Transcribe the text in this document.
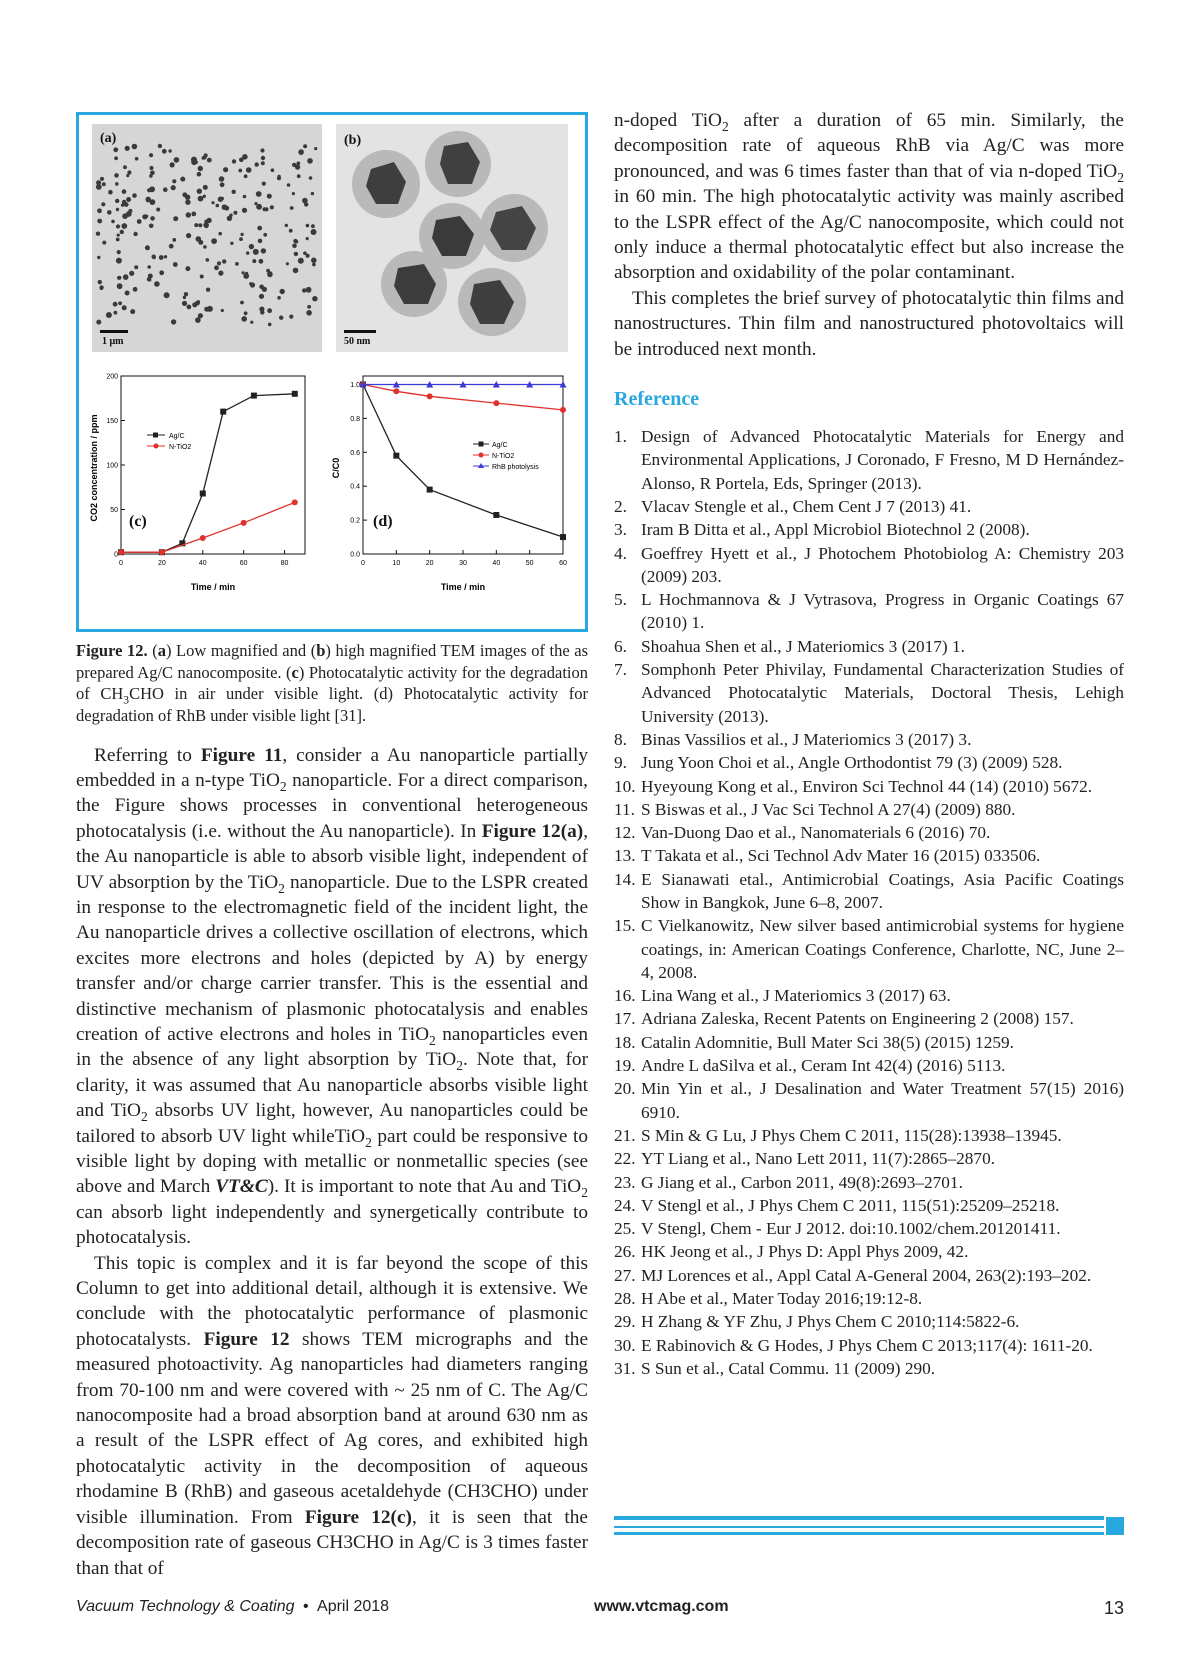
(a)
1 μm
(b)
50 nm
0	20	40	60	80
0
50
100
150
200
CO2 concentration / ppm
Time / min
(c)
Ag/C
N-TiO2
0	10	20	30	40	50	60
0.0
0.2
0.4
0.6
0.8
1.0
C/C0
Time / min
(d)
Ag/C
N-TiO2
RhB photolysis

Figure 12. (a) Low magnified and (b) high magnified TEM images of the as prepared Ag/C nanocomposite. (c) Photocatalytic activity for the degradation of $CH_3CHO$ in air under visible light. (d) Photocatalytic activity for degradation of RhB under visible light [31].

Referring to Figure 11, consider a Au nanoparticle partially embedded in a n-type TiO$_2$ nanoparticle. For a direct comparison, the Figure shows processes in conventional heterogeneous photocatalysis (i.e. without the Au nanoparticle). In Figure 12(a), the Au nanoparticle is able to absorb visible light, independent of UV absorption by the TiO$_2$ nanoparticle. Due to the LSPR created in response to the electromagnetic field of the incident light, the Au nanoparticle drives a collective oscillation of electrons, which excites more electrons and holes (depicted by A) by energy transfer and/or charge carrier transfer. This is the essential and distinctive mechanism of plasmonic photocatalysis and enables creation of active electrons and holes in TiO$_2$ nanoparticles even in the absence of any light absorption by TiO$_2$. Note that, for clarity, it was assumed that Au nanoparticle absorbs visible light and TiO$_2$ absorbs UV light, however, Au nanoparticles could be tailored to absorb UV light whileTiO$_2$ part could be responsive to visible light by doping with metallic or nonmetallic species (see above and March VT&C). It is important to note that Au and TiO$_2$ can absorb light independently and synergetically contribute to photocatalysis.

This topic is complex and it is far beyond the scope of this Column to get into additional detail, although it is extensive. We conclude with the photocatalytic performance of plasmonic photocatalysts. Figure 12 shows TEM micrographs and the measured photoactivity. Ag nanoparticles had diameters ranging from 70-100 nm and were covered with ~ 25 nm of C. The Ag/C nanocomposite had a broad absorption band at around 630 nm as a result of the LSPR effect of Ag cores, and exhibited high photocatalytic activity in the decomposition of aqueous rhodamine B (RhB) and gaseous acetaldehyde (CH3CHO) under visible illumination. From Figure 12(c), it is seen that the decomposition rate of gaseous CH3CHO in Ag/C is 3 times faster than that of

n-doped TiO$_2$ after a duration of 65 min. Similarly, the decomposition rate of aqueous RhB via Ag/C was more pronounced, and was 6 times faster than that of via n-doped TiO$_2$ in 60 min. The high photocatalytic activity was mainly ascribed to the LSPR effect of the Ag/C nanocomposite, which could not only induce a thermal photocatalytic effect but also increase the absorption and oxidability of the polar contaminant.

This completes the brief survey of photocatalytic thin films and nanostructures. Thin film and nanostructured photovoltaics will be introduced next month.

Reference
1. Design of Advanced Photocatalytic Materials for Energy and Environmental Applications, J Coronado, F Fresno, M D Hernández-Alonso, R Portela, Eds, Springer (2013).
2. Vlacav Stengle et al., Chem Cent J 7 (2013) 41.
3. Iram B Ditta et al., Appl Microbiol Biotechnol 2 (2008).
4. Goeffrey Hyett et al., J Photochem Photobiolog A: Chemistry 203 (2009) 203.
5. L Hochmannova & J Vytrasova, Progress in Organic Coatings 67 (2010) 1.
6. Shoahua Shen et al., J Materiomics 3 (2017) 1.
7. Somphonh Peter Phivilay, Fundamental Characterization Studies of Advanced Photocatalytic Materials, Doctoral Thesis, Lehigh University (2013).
8. Binas Vassilios et al., J Materiomics 3 (2017) 3.
9. Jung Yoon Choi et al., Angle Orthodontist 79 (3) (2009) 528.
10. Hyeyoung Kong et al., Environ Sci Technol 44 (14) (2010) 5672.
11. S Biswas et al., J Vac Sci Technol A 27(4) (2009) 880.
12. Van-Duong Dao et al., Nanomaterials 6 (2016) 70.
13. T Takata et al., Sci Technol Adv Mater 16 (2015) 033506.
14. E Sianawati etal., Antimicrobial Coatings, Asia Pacific Coatings Show in Bangkok, June 6–8, 2007.
15. C Vielkanowitz, New silver based antimicrobial systems for hygiene coatings, in: American Coatings Conference, Charlotte, NC, June 2–4, 2008.
16. Lina Wang et al., J Materiomics 3 (2017) 63.
17. Adriana Zaleska, Recent Patents on Engineering 2 (2008) 157.
18. Catalin Adomnitie, Bull Mater Sci 38(5) (2015) 1259.
19. Andre L daSilva et al., Ceram Int 42(4) (2016) 5113.
20. Min Yin et al., J Desalination and Water Treatment 57(15) 2016) 6910.
21. S Min & G Lu, J Phys Chem C 2011, 115(28):13938–13945.
22. YT Liang et al., Nano Lett 2011, 11(7):2865–2870.
23. G Jiang et al., Carbon 2011, 49(8):2693–2701.
24. V Stengl et al., J Phys Chem C 2011, 115(51):25209–25218.
25. V Stengl, Chem - Eur J 2012. doi:10.1002/chem.201201411.
26. HK Jeong et al., J Phys D: Appl Phys 2009, 42.
27. MJ Lorences et al., Appl Catal A-General 2004, 263(2):193–202.
28. H Abe et al., Mater Today 2016;19:12-8.
29. H Zhang & YF Zhu, J Phys Chem C 2010;114:5822-6.
30. E Rabinovich & G Hodes, J Phys Chem C 2013;117(4): 1611-20.
31. S Sun et al., Catal Commu. 11 (2009) 290.
Vacuum Technology & Coating • April 2018	www.vtcmag.com	13
